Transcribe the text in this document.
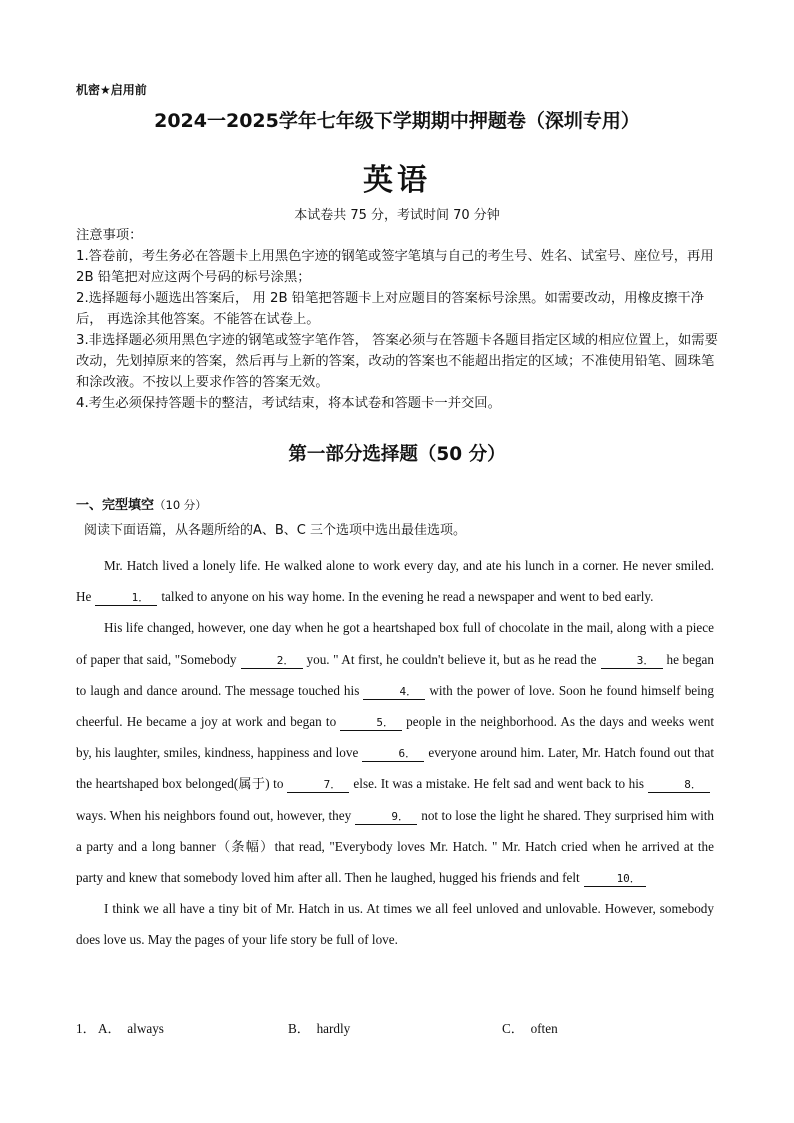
机密★启用前
2024一2025学年七年级下学期期中押题卷（深圳专用）
英语
本试卷共 75 分，考试时间 70 分钟

注意事项：

1.答卷前，考生务必在答题卡上用黑色字迹的钢笔或签字笔填与自己的考生号、姓名、试室号、座位号，再用 2B 铅笔把对应这两个号码的标号涂黑；

2.选择题每小题选出答案后， 用 2B 铅笔把答题卡上对应题目的答案标号涂黑。如需要改动，用橡皮擦干净后， 再选涂其他答案。不能答在试卷上。

3.非选择题必须用黑色字迹的钢笔或签字笔作答， 答案必须与在答题卡各题目指定区域的相应位置上，如需要改动，先划掉原来的答案，然后再与上新的答案，改动的答案也不能超出指定的区域；不准使用铅笔、圆珠笔和涂改液。不按以上要求作答的答案无效。

4.考生必须保持答题卡的整洁，考试结束，将本试卷和答题卡一并交回。

第一部分选择题（50 分）
一、完型填空（10 分）
阅读下面语篇，从各题所给的A、B、C 三个选项中选出最佳选项。

Mr. Hatch lived a lonely life. He walked alone to work every day, and ate his lunch in a corner. He never smiled. He	1． talked to anyone on his way home. In the evening he read a newspaper and went to bed early.

His life changed, however, one day when he got a heartshaped box full of chocolate in the mail, along with a piece of paper that said, "Somebody	2． you. " At first, he couldn't believe it, but as he read the	3． he began to laugh and dance around. The message touched his	4． with the power of love. Soon he found himself being cheerful. He became a joy at work and began to	5． people in the neighborhood. As the days and weeks went by, his laughter, smiles, kindness, happiness and love	6． everyone around him. Later, Mr. Hatch found out that the heartshaped box belonged(属于) to	7． else. It was a mistake. He felt sad and went back to his	8．ways. When his neighbors found out, however, they	9． not to lose the light he shared. They surprised him with a party and a long banner（条幅）that read, "Everybody loves Mr. Hatch. " Mr. Hatch cried when he arrived at the party and knew that somebody loved him after all. Then he laughed, hugged his friends and felt	10．

I think we all have a tiny bit of Mr. Hatch in us. At times we all feel unloved and unlovable. However, somebody does love us. May the pages of your life story be full of love.

1． A．  always	B．  hardly	C．  often
